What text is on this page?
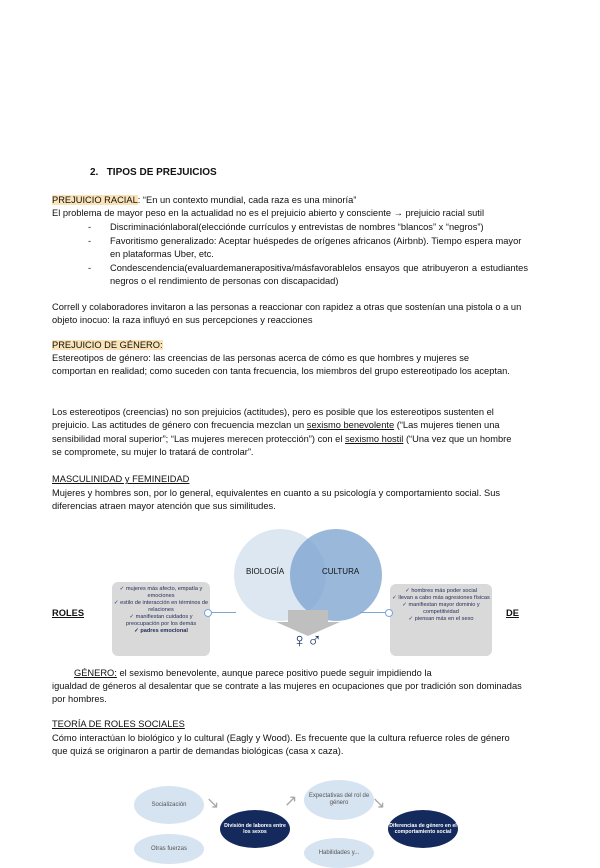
2. TIPOS DE PREJUICIOS
PREJUICIO RACIAL: “En un contexto mundial, cada raza es una minoría”
El problema de mayor peso en la actualidad no es el prejuicio abierto y consciente → prejuicio racial sutil
- Discriminaciónlaboral(elecciónde currículos y entrevistas de nombres “blancos” x “negros”)
- Favoritismo generalizado: Aceptar huéspedes de orígenes africanos (Airbnb). Tiempo espera mayor en plataformas Uber, etc.
- Condescendencia(evaluardemanerapositiva/másfavorablelos ensayos que atribuyeron a estudiantes negros o el rendimiento de personas con discapacidad)
Correll y colaboradores invitaron a las personas a reaccionar con rapidez a otras que sostenían una pistola o a un objeto inocuo: la raza influyó en sus percepciones y reacciones
PREJUICIO DE GÉNERO:
Estereotipos de género: las creencias de las personas acerca de cómo es que hombres y mujeres se comportan en realidad; como suceden con tanta frecuencia, los miembros del grupo estereotipado los aceptan.
Los estereotipos (creencias) no son prejuicios (actitudes), pero es posible que los estereotipos sustenten el prejuicio. Las actitudes de género con frecuencia mezclan un sexismo benevolente (“Las mujeres tienen una sensibilidad moral superior”; “Las mujeres merecen protección”) con el sexismo hostil (“Una vez que un hombre se compromete, su mujer lo tratará de controlar”.
MASCULINIDAD y FEMINEIDAD
Mujeres y hombres son, por lo general, equivalentes en cuanto a su psicología y comportamiento social. Sus diferencias atraen mayor atención que sus similitudes.
BIOLOGÍA	CULTURA
♀♂
✓ mujeres más afecto, empatía y emociones
✓ estilo de interacción en términos de relaciones
✓ manifiestan cuidados y preocupación por los demás
✓ padres emocional
✓ hombres más poder social
✓ llevan a cabo más agresiones físicas
✓ manifiestan mayor dominio y competitividad
✓ piensan más en el sexo
ROLES	DE
GÉNERO: el sexismo benevolente, aunque parece positivo puede seguir impidiendo la
igualdad de géneros al desalentar que se contrate a las mujeres en ocupaciones que por tradición son dominadas por hombres.
TEORÍA DE ROLES SOCIALES
Cómo interactúan lo biológico y lo cultural (Eagly y Wood). Es frecuente que la cultura refuerce roles de género que quizá se originaron a partir de demandas biológicas (casa x caza).
Socialización	↘
División de labores entre los sexos
↗	Expectativas del rol de género	↘
Diferencias de género en el comportamiento social
Otras fuerzas
Habilidades y...
